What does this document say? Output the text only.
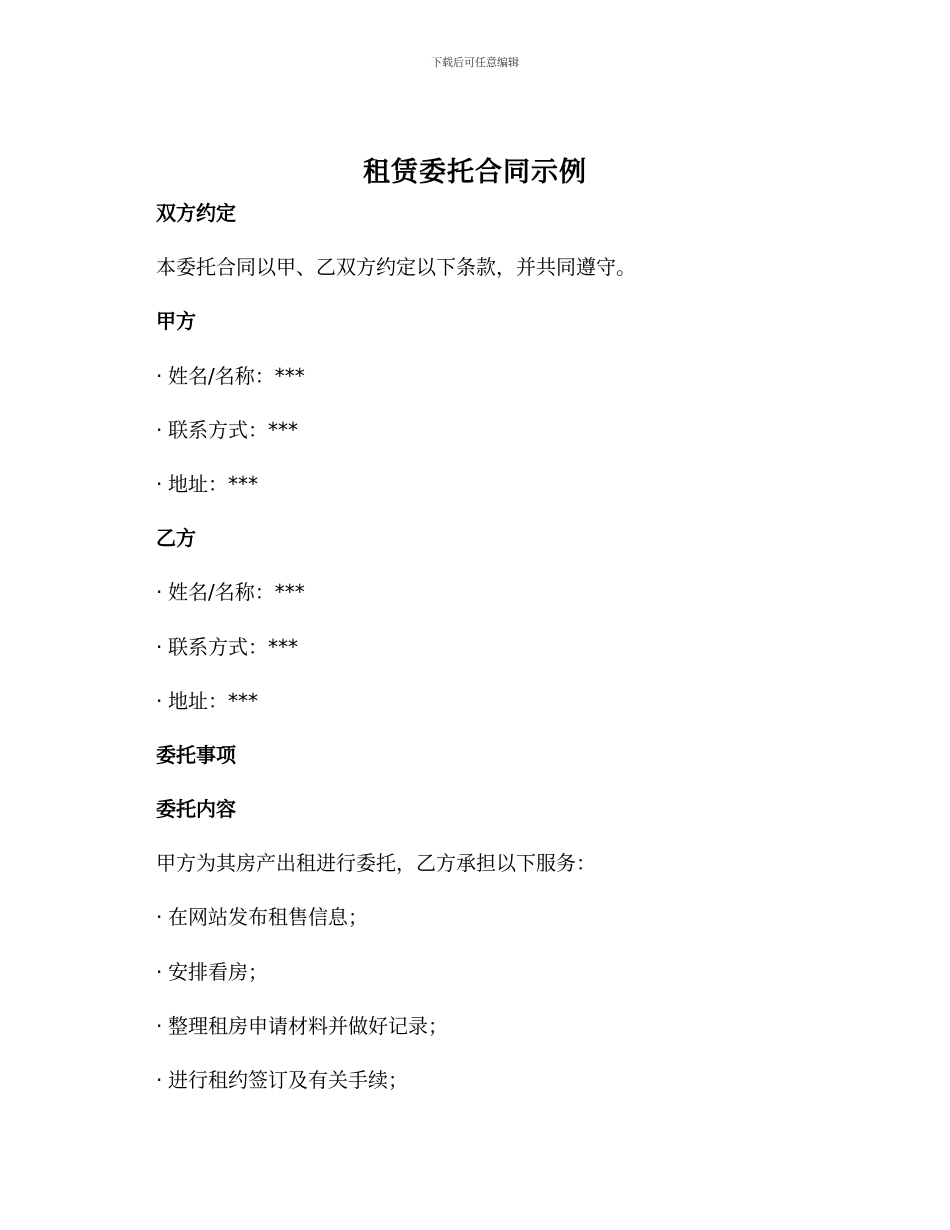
下载后可任意编辑
租赁委托合同示例
双方约定
本委托合同以甲、乙双方约定以下条款，并共同遵守。
甲方
· 姓名/名称：***
· 联系方式：***
· 地址：***
乙方
· 姓名/名称：***
· 联系方式：***
· 地址：***
委托事项
委托内容
甲方为其房产出租进行委托，乙方承担以下服务：
· 在网站发布租售信息；
· 安排看房；
· 整理租房申请材料并做好记录；
· 进行租约签订及有关手续；
